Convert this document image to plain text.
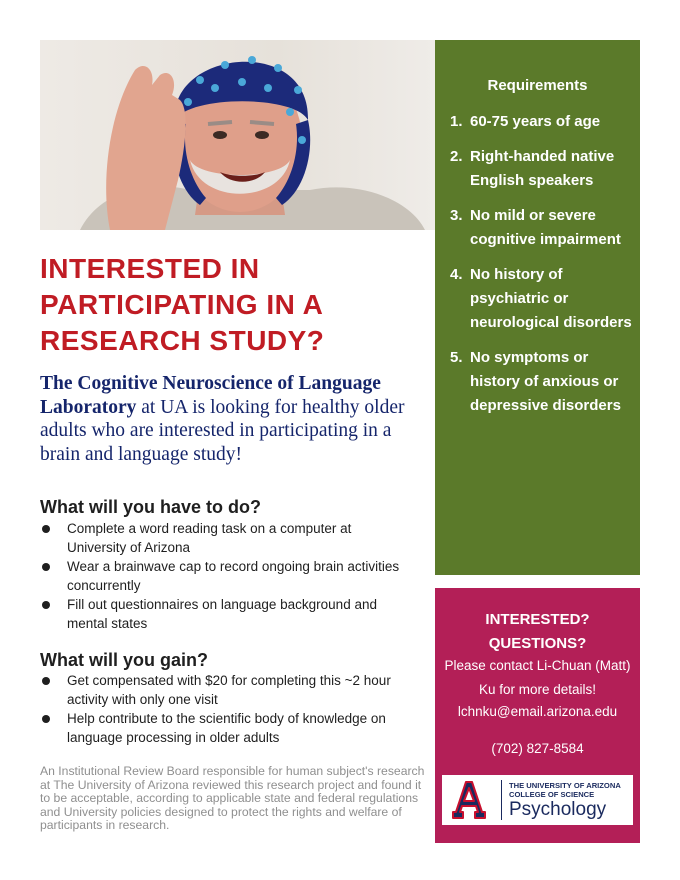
INTERESTED IN
PARTICIPATING IN A
RESEARCH STUDY?

The Cognitive Neuroscience of Language Laboratory at UA is looking for healthy older adults who are interested in participating in a brain and language study!

What will you have to do?
Complete a word reading task on a computer at University of Arizona
Wear a brainwave cap to record ongoing brain activities concurrently
Fill out questionnaires on language background and mental states
What will you gain?
Get compensated with $20 for completing this ~2 hour activity with only one visit
Help contribute to the scientific body of knowledge on language processing in older adults

An Institutional Review Board responsible for human subject's research at The University of Arizona reviewed this research project and found it to be acceptable, according to applicable state and federal regulations and University policies designed to protect the rights and welfare of participants in research.

Requirements
1. 60-75 years of age
2. Right-handed native English speakers
3. No mild or severe cognitive impairment
4. No history of psychiatric or neurological disorders
5. No symptoms or history of anxious or depressive disorders
INTERESTED?
QUESTIONS?
Please contact Li-Chuan (Matt) Ku for more details!
lchnku@email.arizona.edu
(702) 827-8584
THE UNIVERSITY OF ARIZONA
COLLEGE OF SCIENCE
Psychology
